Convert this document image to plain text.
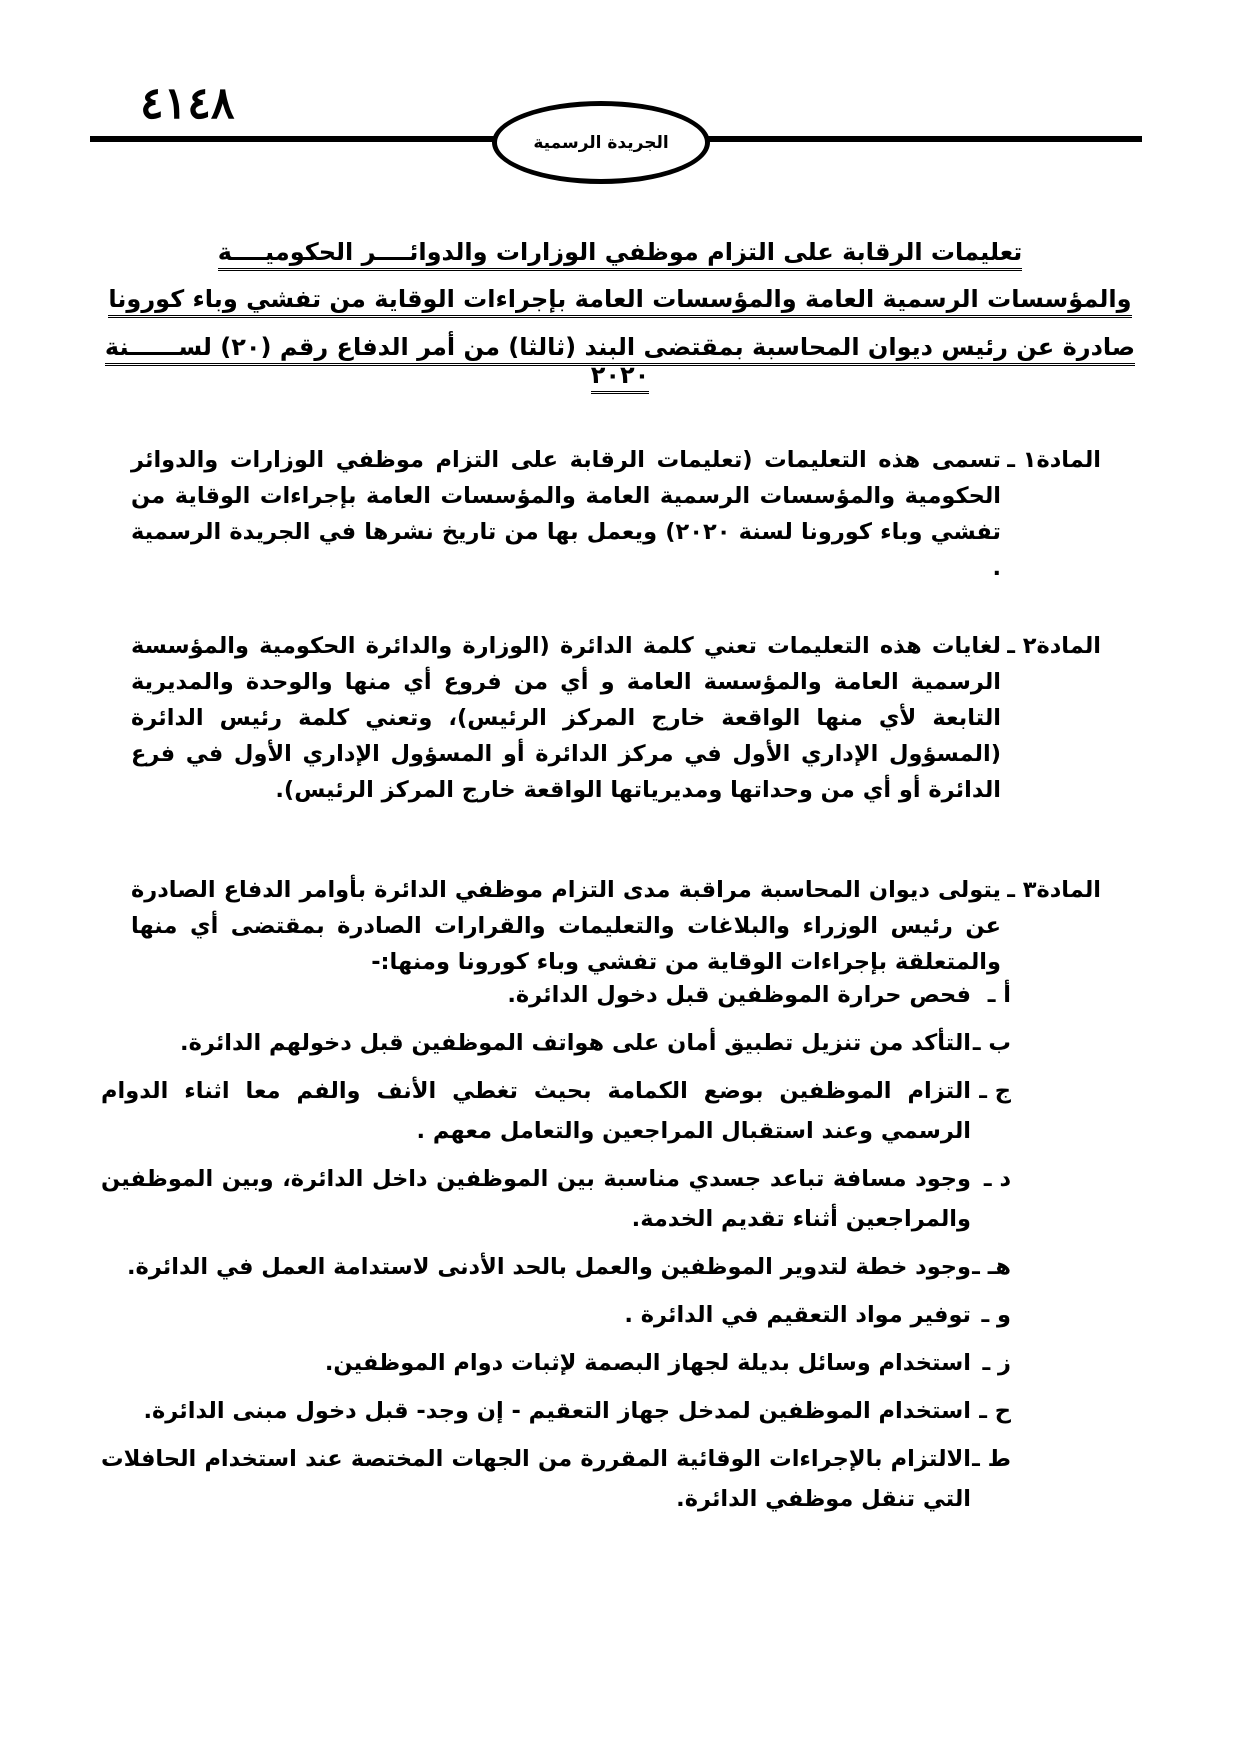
٤١٤٨
الجريدة الرسمية
تعليمات الرقابة على التزام موظفي الوزارات والدوائــــر الحكوميــــة
والمؤسسات الرسمية العامة والمؤسسات العامة بإجراءات الوقاية من تفشي وباء كورونا
صادرة عن رئيس ديوان المحاسبة بمقتضى البند (ثالثا) من أمر الدفاع رقم (٢٠) لســــــنة ٢٠٢٠
المادة١ ـ
تسمى هذه التعليمات (تعليمات الرقابة على التزام موظفي الوزارات والدوائر الحكومية والمؤسسات الرسمية العامة والمؤسسات العامة بإجراءات الوقاية من تفشي وباء كورونا لسنة ٢٠٢٠) ويعمل بها من تاريخ نشرها في الجريدة الرسمية .
المادة٢ ـ
لغايات هذه التعليمات تعني كلمة الدائرة (الوزارة والدائرة الحكومية والمؤسسة الرسمية العامة والمؤسسة العامة و أي من فروع أي منها والوحدة والمديرية التابعة لأي منها الواقعة خارج المركز الرئيس)، وتعني كلمة رئيس الدائرة (المسؤول الإداري الأول في مركز الدائرة أو المسؤول الإداري الأول في فرع الدائرة أو أي من وحداتها ومديرياتها الواقعة خارج المركز الرئيس).
المادة٣ ـ
يتولى ديوان المحاسبة مراقبة مدى التزام موظفي الدائرة بأوامر الدفاع الصادرة عن رئيس الوزراء والبلاغات والتعليمات والقرارات الصادرة بمقتضى أي منها والمتعلقة بإجراءات الوقاية من تفشي وباء كورونا ومنها:-
أ ـ
فحص حرارة الموظفين قبل دخول الدائرة.
ب ـ
التأكد من تنزيل تطبيق أمان على هواتف الموظفين قبل دخولهم الدائرة.
ج ـ
التزام الموظفين بوضع الكمامة بحيث تغطي الأنف والفم معا اثناء الدوام الرسمي وعند استقبال المراجعين والتعامل معهم .
د ـ
وجود مسافة تباعد جسدي مناسبة بين الموظفين داخل الدائرة، وبين الموظفين والمراجعين أثناء تقديم الخدمة.
هـ ـ
وجود خطة لتدوير الموظفين والعمل بالحد الأدنى لاستدامة العمل في الدائرة.
و ـ
توفير مواد التعقيم في الدائرة .
ز ـ
استخدام وسائل بديلة لجهاز البصمة لإثبات دوام الموظفين.
ح ـ
استخدام الموظفين لمدخل جهاز التعقيم - إن وجد- قبل دخول مبنى الدائرة.
ط ـ
الالتزام بالإجراءات الوقائية المقررة من الجهات المختصة عند استخدام الحافلات التي تنقل موظفي الدائرة.
